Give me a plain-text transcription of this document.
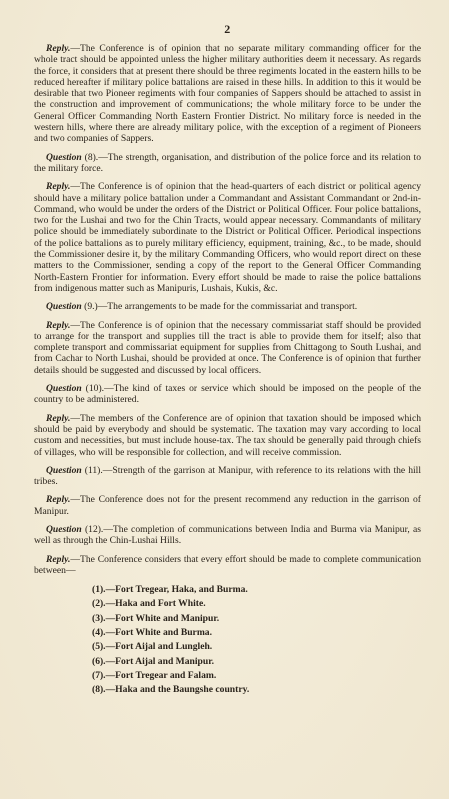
2

Reply.—The Conference is of opinion that no separate military commanding officer for the whole tract should be appointed unless the higher military authorities deem it necessary. As regards the force, it considers that at present there should be three regiments located in the eastern hills to be reduced hereafter if military police battalions are raised in these hills. In addition to this it would be desirable that two Pioneer regiments with four companies of Sappers should be attached to assist in the construction and improvement of communications; the whole military force to be under the General Officer Commanding North Eastern Frontier District. No military force is needed in the western hills, where there are already military police, with the exception of a regiment of Pioneers and two companies of Sappers.

Question (8).—The strength, organisation, and distribution of the police force and its relation to the military force.

Reply.—The Conference is of opinion that the head-quarters of each district or political agency should have a military police battalion under a Commandant and Assistant Commandant or 2nd-in-Command, who would be under the orders of the District or Political Officer. Four police battalions, two for the Lushai and two for the Chin Tracts, would appear necessary. Commandants of military police should be immediately subordinate to the District or Political Officer. Periodical inspections of the police battalions as to purely military efficiency, equipment, training, &c., to be made, should the Commissioner desire it, by the military Commanding Officers, who would report direct on these matters to the Commissioner, sending a copy of the report to the General Officer Commanding North-Eastern Frontier for information. Every effort should be made to raise the police battalions from indigenous matter such as Manipuris, Lushais, Kukis, &c.

Question (9.)—The arrangements to be made for the commissariat and transport.

Reply.—The Conference is of opinion that the necessary commissariat staff should be provided to arrange for the transport and supplies till the tract is able to provide them for itself; also that complete transport and commissariat equipment for supplies from Chittagong to South Lushai, and from Cachar to North Lushai, should be provided at once. The Conference is of opinion that further details should be suggested and discussed by local officers.

Question (10).—The kind of taxes or service which should be imposed on the people of the country to be administered.

Reply.—The members of the Conference are of opinion that taxation should be imposed which should be paid by everybody and should be systematic. The taxation may vary according to local custom and necessities, but must include house-tax. The tax should be generally paid through chiefs of villages, who will be responsible for collection, and will receive commission.

Question (11).—Strength of the garrison at Manipur, with reference to its relations with the hill tribes.

Reply.—The Conference does not for the present recommend any reduction in the garrison of Manipur.

Question (12).—The completion of communications between India and Burma via Manipur, as well as through the Chin-Lushai Hills.

Reply.—The Conference considers that every effort should be made to complete communication between—

(1).—Fort Tregear, Haka, and Burma.
(2).—Haka and Fort White.
(3).—Fort White and Manipur.
(4).—Fort White and Burma.
(5).—Fort Aijal and Lungleh.
(6).—Fort Aijal and Manipur.
(7).—Fort Tregear and Falam.
(8).—Haka and the Baungshe country.
